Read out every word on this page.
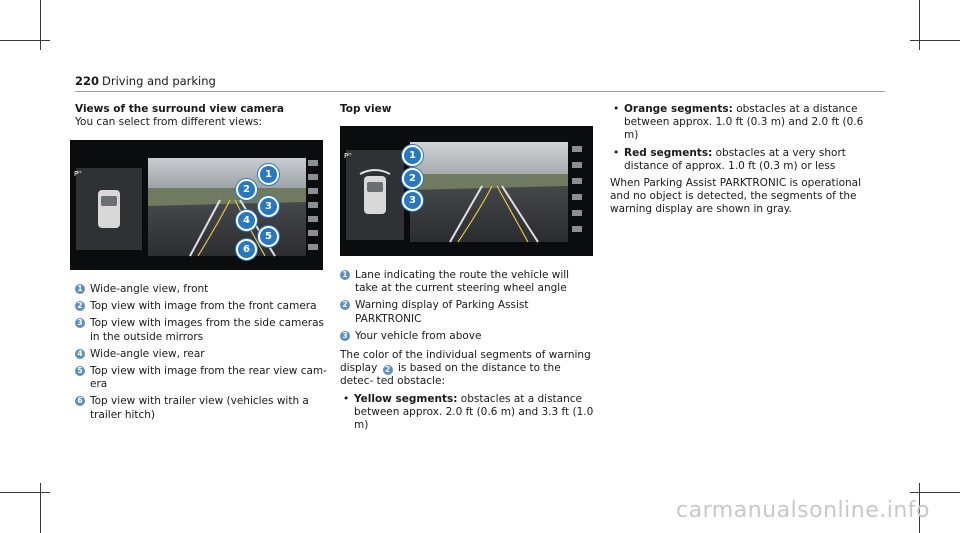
220 Driving and parking
Views of the surround view camera

You can select from different views:

Pᴴ	1
2
3
4
5
6
1 Wide-angle view, front
2 Top view with image from the front camera
3 Top view with images from the side cameras in the outside mirrors
4 Wide-angle view, rear
5 Top view with image from the rear view cam- era
6 Top view with trailer view (vehicles with a trailer hitch)
Top view
Pᴴ	1
2
3
1 Lane indicating the route the vehicle will take at the current steering wheel angle
2 Warning display of Parking Assist PARKTRONIC
3 Your vehicle from above

The color of the individual segments of warning display 2 is based on the distance to the detec- ted obstacle:

• Yellow segments: obstacles at a distance between approx. 2.0 ft (0.6 m) and 3.3 ft (1.0 m)
• Orange segments: obstacles at a distance between approx. 1.0 ft (0.3 m) and 2.0 ft (0.6 m)
• Red segments: obstacles at a very short distance of approx. 1.0 ft (0.3 m) or less

When Parking Assist PARKTRONIC is operational and no object is detected, the segments of the warning display are shown in gray.

carmanualsonline.info
